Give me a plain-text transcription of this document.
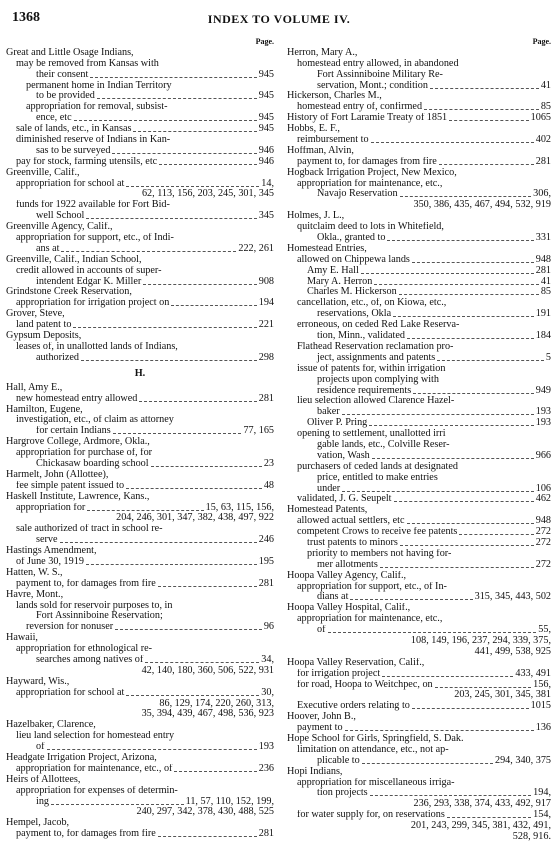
1368	INDEX TO VOLUME IV.
Page.
Great and Little Osage Indians,
may be removed from Kansas with
their consent	945
permanent home in Indian Territory
to be provided	945
appropriation for removal, subsist-
ence, etc	945
sale of lands, etc., in Kansas	945
diminished reserve of Indians in Kan-
sas to be surveyed	946
pay for stock, farming utensils, etc	946
Greenville, Calif.,
appropriation for school at	14,
62, 113, 156, 203, 245, 301, 345
funds for 1922 available for Fort Bid-
well School	345
Greenville Agency, Calif.,
appropriation for support, etc., of Indi-
ans at	222, 261
Greenville, Calif., Indian School,
credit allowed in accounts of super-
intendent Edgar K. Miller	908
Grindstone Creek Reservation,
appropriation for irrigation project on	194
Grover, Steve,
land patent to	221
Gypsum Deposits,
leases of, in unallotted lands of Indians,
authorized	298
H.
Hall, Amy E.,
new homestead entry allowed	281
Hamilton, Eugene,
investigation, etc., of claim as attorney
for certain Indians	77, 165
Hargrove College, Ardmore, Okla.,
appropriation for purchase of, for
Chickasaw boarding school	23
Harmelt, John (Allottee),
fee simple patent issued to	48
Haskell Institute, Lawrence, Kans.,
appropriation for	15, 63, 115, 156,
204, 246, 301, 347, 382, 438, 497, 922
sale authorized of tract in school re-
serve	246
Hastings Amendment,
of June 30, 1919	195
Hatten, W. S.,
payment to, for damages from fire	281
Havre, Mont.,
lands sold for reservoir purposes to, in
Fort Assinniboine Reservation;
reversion for nonuser	96
Hawaii,
appropriation for ethnological re-
searches among natives of	34,
42, 140, 180, 360, 506, 522, 931
Hayward, Wis.,
appropriation for school at	30,
86, 129, 174, 220, 260, 313,
35, 394, 439, 467, 498, 536, 923
Hazelbaker, Clarence,
lieu land selection for homestead entry
of	193
Headgate Irrigation Project, Arizona,
appropriation for maintenance, etc., of	236
Heirs of Allottees,
appropriation for expenses of determin-
ing	11, 57, 110, 152, 199,
240, 297, 342, 378, 430, 488, 525
Hempel, Jacob,
payment to, for damages from fire	281
Page.
Herron, Mary A.,
homestead entry allowed, in abandoned
Fort Assinniboine Military Re-
servation, Mont.; condition	41
Hickerson, Charles M.,
homestead entry of, confirmed	85
History of Fort Laramie Treaty of 1851	1065
Hobbs, E. F.,
reimbursement to	402
Hoffman, Alvin,
payment to, for damages from fire	281
Hogback Irrigation Project, New Mexico,
appropriation for maintenance, etc.,
Navajo Reservation	306,
350, 386, 435, 467, 494, 532, 919
Holmes, J. L.,
quitclaim deed to lots in Whitefield,
Okla., granted to	331
Homestead Entries,
allowed on Chippewa lands	948
Amy E. Hall	281
Mary A. Herron	41
Charles M. Hickerson	85
cancellation, etc., of, on Kiowa, etc.,
reservations, Okla	191
erroneous, on ceded Red Lake Reserva-
tion, Minn., validated	184
Flathead Reservation reclamation pro-
ject, assignments and patents	5
issue of patents for, within irrigation
projects upon complying with
residence requirements	949
lieu selection allowed Clarence Hazel-
baker	193
Oliver P. Pring	193
opening to settlement, unallotted irri
gable lands, etc., Colville Reser-
vation, Wash	966
purchasers of ceded lands at designated
price, entitled to make entries
under	106
validated, J. G. Seupelt	462
Homestead Patents,
allowed actual settlers, etc	948
competent Crows to receive fee patents	272
trust patents to minors	272
priority to members not having for-
mer allotments	272
Hoopa Valley Agency, Calif.,
appropriation for support, etc., of In-
dians at	315, 345, 443, 502
Hoopa Valley Hospital, Calif.,
appropriation for maintenance, etc.,
of	55,
108, 149, 196, 237, 294, 339, 375,
441, 499, 538, 925
Hoopa Valley Reservation, Calif.,
for irrigation project	433, 491
for road, Hoopa to Weitchpec, on	156,
203, 245, 301, 345, 381
Executive orders relating to	1015
Hoover, John B.,
payment to	136
Hope School for Girls, Springfield, S. Dak.
limitation on attendance, etc., not ap-
plicable to	294, 340, 375
Hopi Indians,
appropriation for miscellaneous irriga-
tion projects	194,
236, 293, 338, 374, 433, 492, 917
for water supply for, on reservations	154,
201, 243, 299, 345, 381, 432, 491,
528, 916.
